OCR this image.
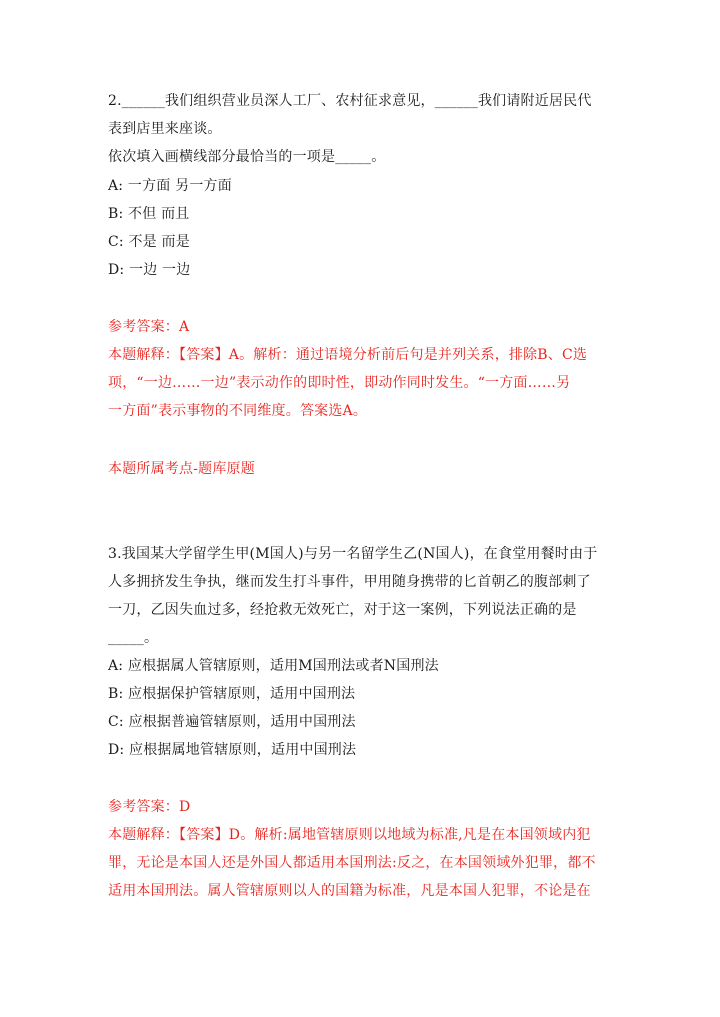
2.______我们组织营业员深人工厂、农村征求意见，______我们请附近居民代
表到店里来座谈。
依次填入画横线部分最恰当的一项是_____。
A: 一方面 另一方面
B: 不但 而且
C: 不是 而是
D: 一边 一边
参考答案：A
本题解释：【答案】A。解析：通过语境分析前后句是并列关系，排除B、C选
项，“一边……一边”表示动作的即时性，即动作同时发生。“一方面……另
一方面”表示事物的不同维度。答案选A。
本题所属考点-题库原题
3.我国某大学留学生甲(M国人)与另一名留学生乙(N国人)，在食堂用餐时由于
人多拥挤发生争执，继而发生打斗事件，甲用随身携带的匕首朝乙的腹部刺了
一刀，乙因失血过多，经抢救无效死亡，对于这一案例，下列说法正确的是
_____。
A: 应根据属人管辖原则，适用M国刑法或者N国刑法
B: 应根据保护管辖原则，适用中国刑法
C: 应根据普遍管辖原则，适用中国刑法
D: 应根据属地管辖原则，适用中国刑法
参考答案：D
本题解释：【答案】D。解析:属地管辖原则以地域为标准,凡是在本国领域内犯
罪，无论是本国人还是外国人都适用本国刑法:反之，在本国领域外犯罪，都不
适用本国刑法。属人管辖原则以人的国籍为标准，凡是本国人犯罪，不论是在
